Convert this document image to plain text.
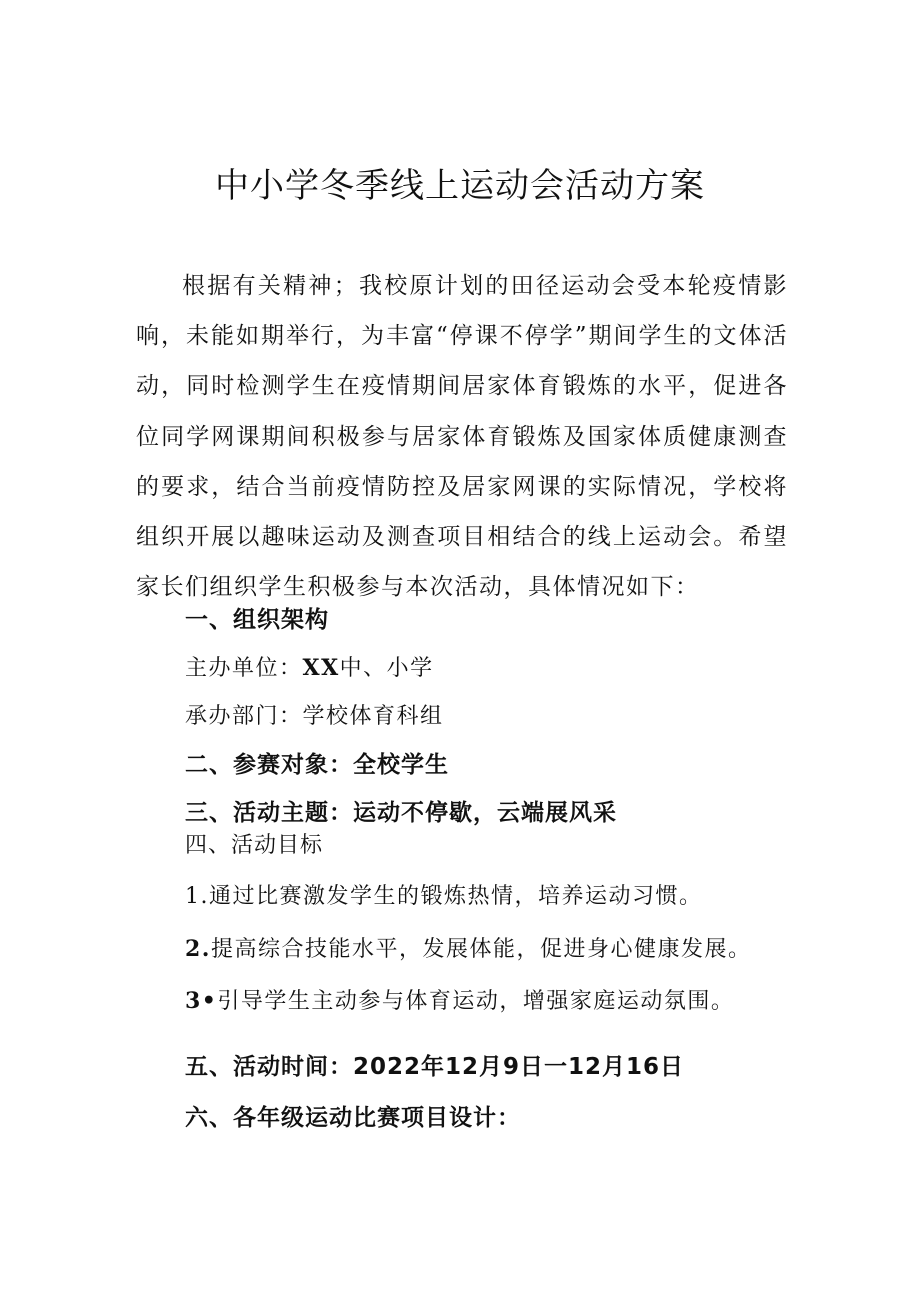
中小学冬季线上运动会活动方案

根据有关精神；我校原计划的田径运动会受本轮疫情影响，未能如期举行，为丰富“停课不停学”期间学生的文体活动，同时检测学生在疫情期间居家体育锻炼的水平，促进各位同学网课期间积极参与居家体育锻炼及国家体质健康测查的要求，结合当前疫情防控及居家网课的实际情况，学校将组织开展以趣味运动及测查项目相结合的线上运动会。希望家长们组织学生积极参与本次活动，具体情况如下：

一、组织架构
主办单位：XX中、小学
承办部门：学校体育科组
二、参赛对象：全校学生
三、活动主题：运动不停歇，云端展风采
四、活动目标
1.通过比赛激发学生的锻炼热情，培养运动习惯。
2.提高综合技能水平，发展体能，促进身心健康发展。
3•引导学生主动参与体育运动，增强家庭运动氛围。
五、活动时间：2022年12月9日一12月16日
六、各年级运动比赛项目设计：
